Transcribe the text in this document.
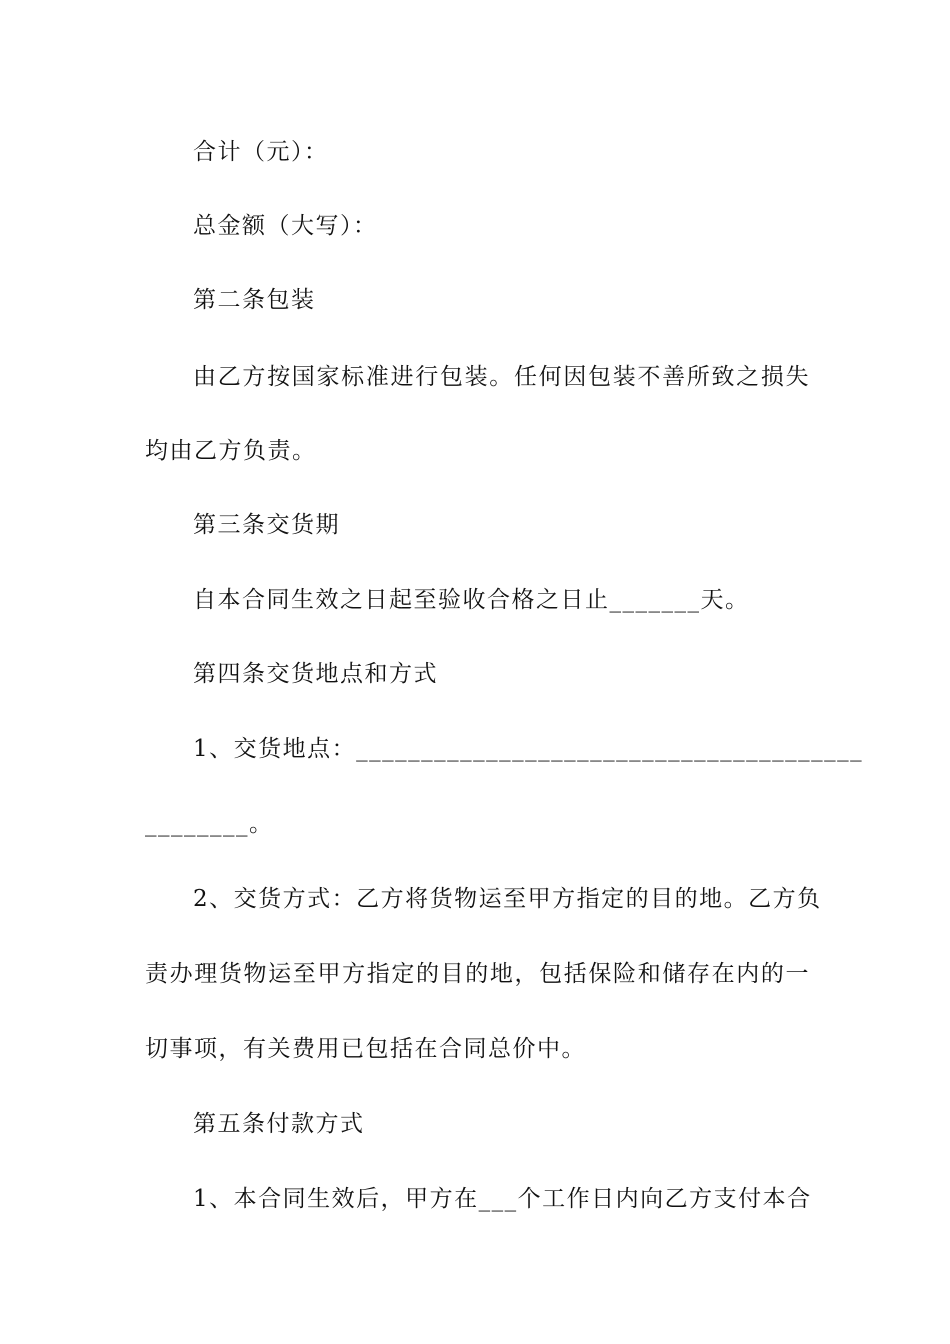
合计（元）：
总金额（大写）：
第二条包装
由乙方按国家标准进行包装。任何因包装不善所致之损失
均由乙方负责。
第三条交货期
自本合同生效之日起至验收合格之日止_______天。
第四条交货地点和方式
1、交货地点：_______________________________________
________。
2、交货方式：乙方将货物运至甲方指定的目的地。乙方负
责办理货物运至甲方指定的目的地，包括保险和储存在内的一
切事项，有关费用已包括在合同总价中。
第五条付款方式
1、本合同生效后，甲方在___个工作日内向乙方支付本合
